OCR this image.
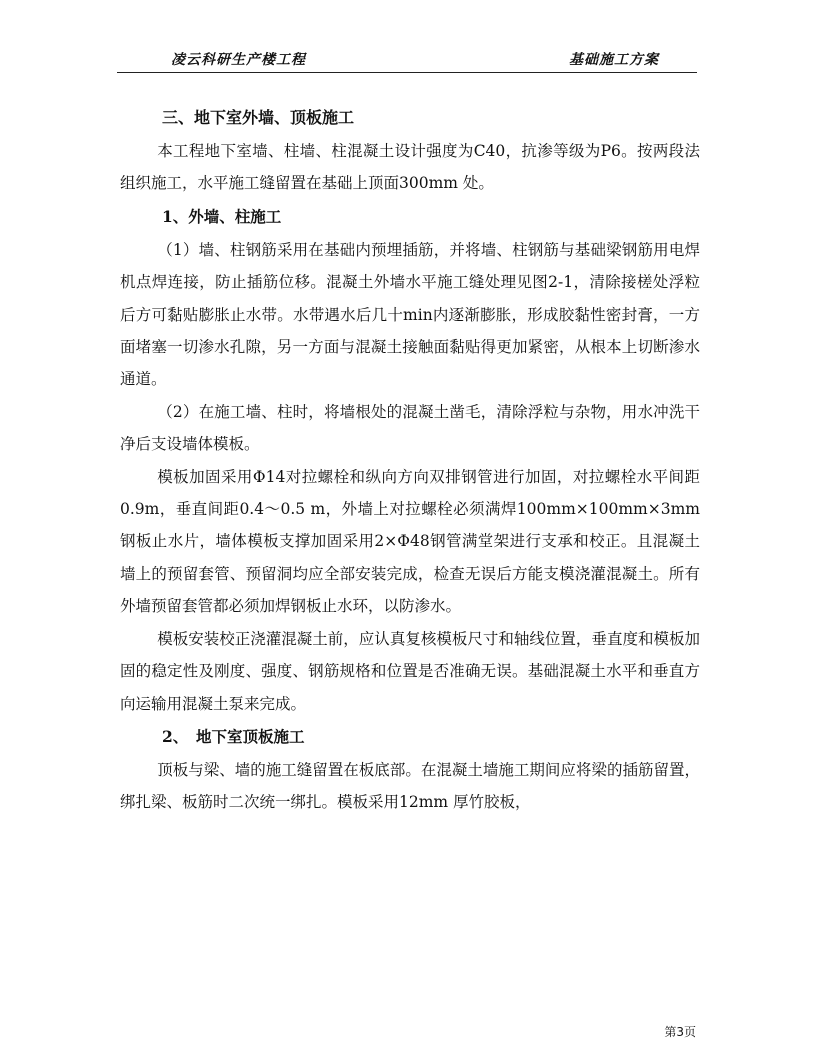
凌云科研生产楼工程	基础施工方案
三、地下室外墙、顶板施工

本工程地下室墙、柱墙、柱混凝土设计强度为C40，抗渗等级为P6。按两段法组织施工，水平施工缝留置在基础上顶面300mm 处。

1、外墙、柱施工

（1）墙、柱钢筋采用在基础内预埋插筋，并将墙、柱钢筋与基础梁钢筋用电焊机点焊连接，防止插筋位移。混凝土外墙水平施工缝处理见图2-1，清除接槎处浮粒后方可黏贴膨胀止水带。水带遇水后几十min内逐渐膨胀，形成胶黏性密封膏，一方面堵塞一切渗水孔隙，另一方面与混凝土接触面黏贴得更加紧密，从根本上切断渗水通道。

（2）在施工墙、柱时，将墙根处的混凝土凿毛，清除浮粒与杂物，用水冲洗干净后支设墙体模板。

模板加固采用Φ14对拉螺栓和纵向方向双排钢管进行加固，对拉螺栓水平间距0.9m，垂直间距0.4～0.5 m，外墙上对拉螺栓必须满焊100mm×100mm×3mm钢板止水片，墙体模板支撑加固采用2×Φ48钢管满堂架进行支承和校正。且混凝土墙上的预留套管、预留洞均应全部安装完成，检查无误后方能支模浇灌混凝土。所有外墙预留套管都必须加焊钢板止水环，以防渗水。

模板安装校正浇灌混凝土前，应认真复核模板尺寸和轴线位置，垂直度和模板加固的稳定性及刚度、强度、钢筋规格和位置是否准确无误。基础混凝土水平和垂直方向运输用混凝土泵来完成。

2、　地下室顶板施工

顶板与梁、墙的施工缝留置在板底部。在混凝土墙施工期间应将梁的插筋留置，绑扎梁、板筋时二次统一绑扎。模板采用12mm 厚竹胶板，

第3页
